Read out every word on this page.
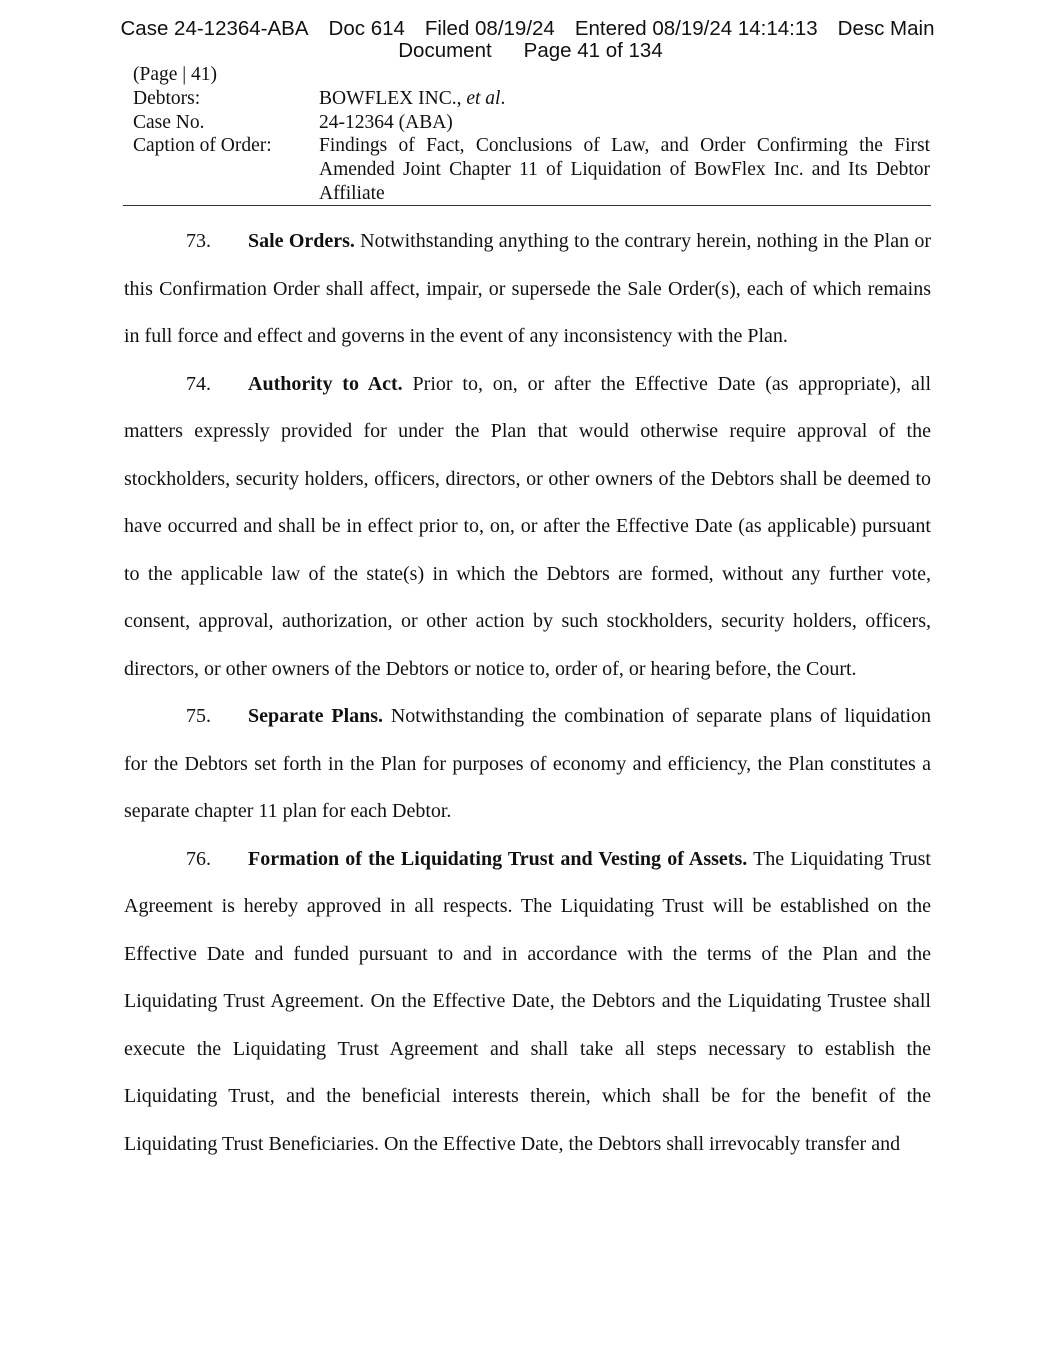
Case 24-12364-ABA Doc 614 Filed 08/19/24 Entered 08/19/24 14:14:13 Desc Main
Document Page 41 of 134
(Page | 41)
Debtors:	BOWFLEX INC., et al.
Case No.	24-12364 (ABA)
Caption of Order:	Findings of Fact, Conclusions of Law, and Order Confirming the First Amended Joint Chapter 11 of Liquidation of BowFlex Inc. and Its Debtor Affiliate

73. Sale Orders. Notwithstanding anything to the contrary herein, nothing in the Plan or this Confirmation Order shall affect, impair, or supersede the Sale Order(s), each of which remains in full force and effect and governs in the event of any inconsistency with the Plan.

74. Authority to Act. Prior to, on, or after the Effective Date (as appropriate), all matters expressly provided for under the Plan that would otherwise require approval of the stockholders, security holders, officers, directors, or other owners of the Debtors shall be deemed to have occurred and shall be in effect prior to, on, or after the Effective Date (as applicable) pursuant to the applicable law of the state(s) in which the Debtors are formed, without any further vote, consent, approval, authorization, or other action by such stockholders, security holders, officers, directors, or other owners of the Debtors or notice to, order of, or hearing before, the Court.

75. Separate Plans. Notwithstanding the combination of separate plans of liquidation for the Debtors set forth in the Plan for purposes of economy and efficiency, the Plan constitutes a separate chapter 11 plan for each Debtor.

76. Formation of the Liquidating Trust and Vesting of Assets. The Liquidating Trust Agreement is hereby approved in all respects. The Liquidating Trust will be established on the Effective Date and funded pursuant to and in accordance with the terms of the Plan and the Liquidating Trust Agreement. On the Effective Date, the Debtors and the Liquidating Trustee shall execute the Liquidating Trust Agreement and shall take all steps necessary to establish the Liquidating Trust, and the beneficial interests therein, which shall be for the benefit of the Liquidating Trust Beneficiaries. On the Effective Date, the Debtors shall irrevocably transfer and
